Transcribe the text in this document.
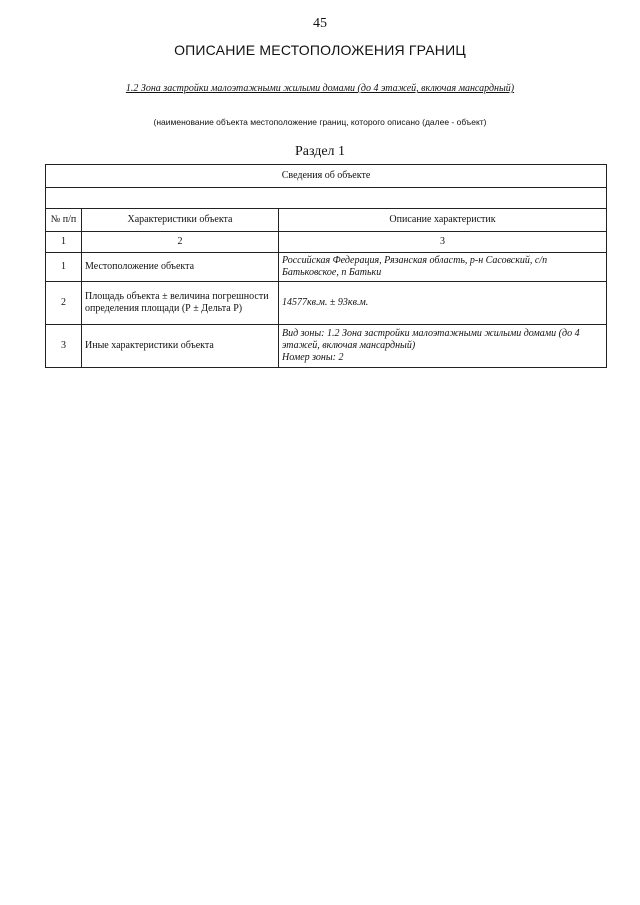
45
ОПИСАНИЕ МЕСТОПОЛОЖЕНИЯ ГРАНИЦ
1.2 Зона застройки малоэтажными жилыми домами (до 4 этажей, включая мансардный)
(наименование объекта местоположение границ, которого описано (далее - объект)
Раздел 1
Сведения об объекте		

№ п/п	Характеристики объекта	Описание характеристик
1	2	3
1	Местоположение объекта	Российская Федерация, Рязанская область, р-н Сасовский, с/п Батьковское, п Батьки
2	Площадь объекта ± величина погрешности определения площади (Р ± Дельта Р)	14577кв.м. ± 93кв.м.
3	Иные характеристики объекта	Вид зоны: 1.2 Зона застройки малоэтажными жилыми домами (до 4 этажей, включая мансардный)
Номер зоны: 2
